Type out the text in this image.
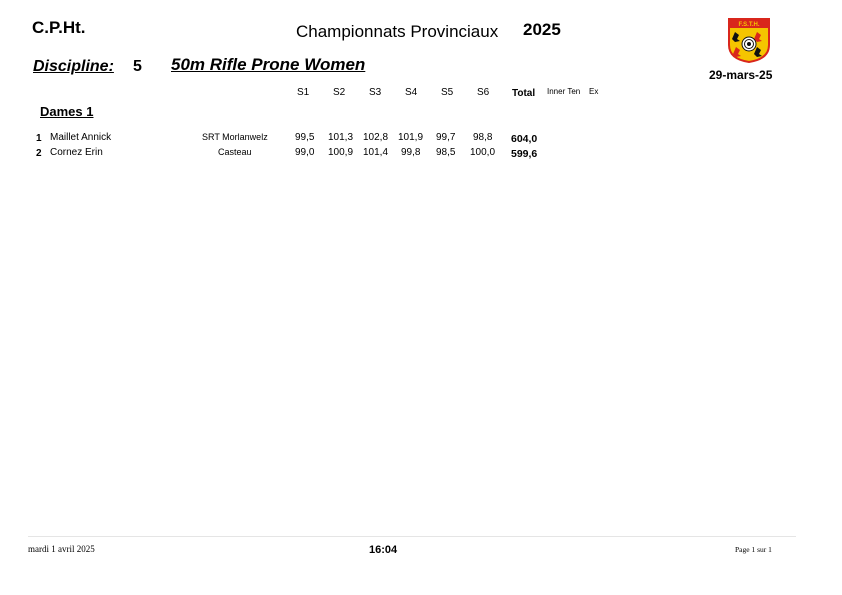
C.P.Ht.	Championnats Provinciaux 2025	F.S.T.H.
29-mars-25
Discipline: 5 50m Rifle Prone Women
S1 S2 S3 S4 S5 S6 Total Inner Ten Ex
Dames 1
1 Maillet Annick	SRT Morlanwelz	99,5 101,3 102,8 101,9 99,7 98,8 604,0
2 Cornez Erin	Casteau	99,0 100,9 101,4 99,8 98,5 100,0 599,6
mardi 1 avril 2025	16:04	Page 1 sur 1
